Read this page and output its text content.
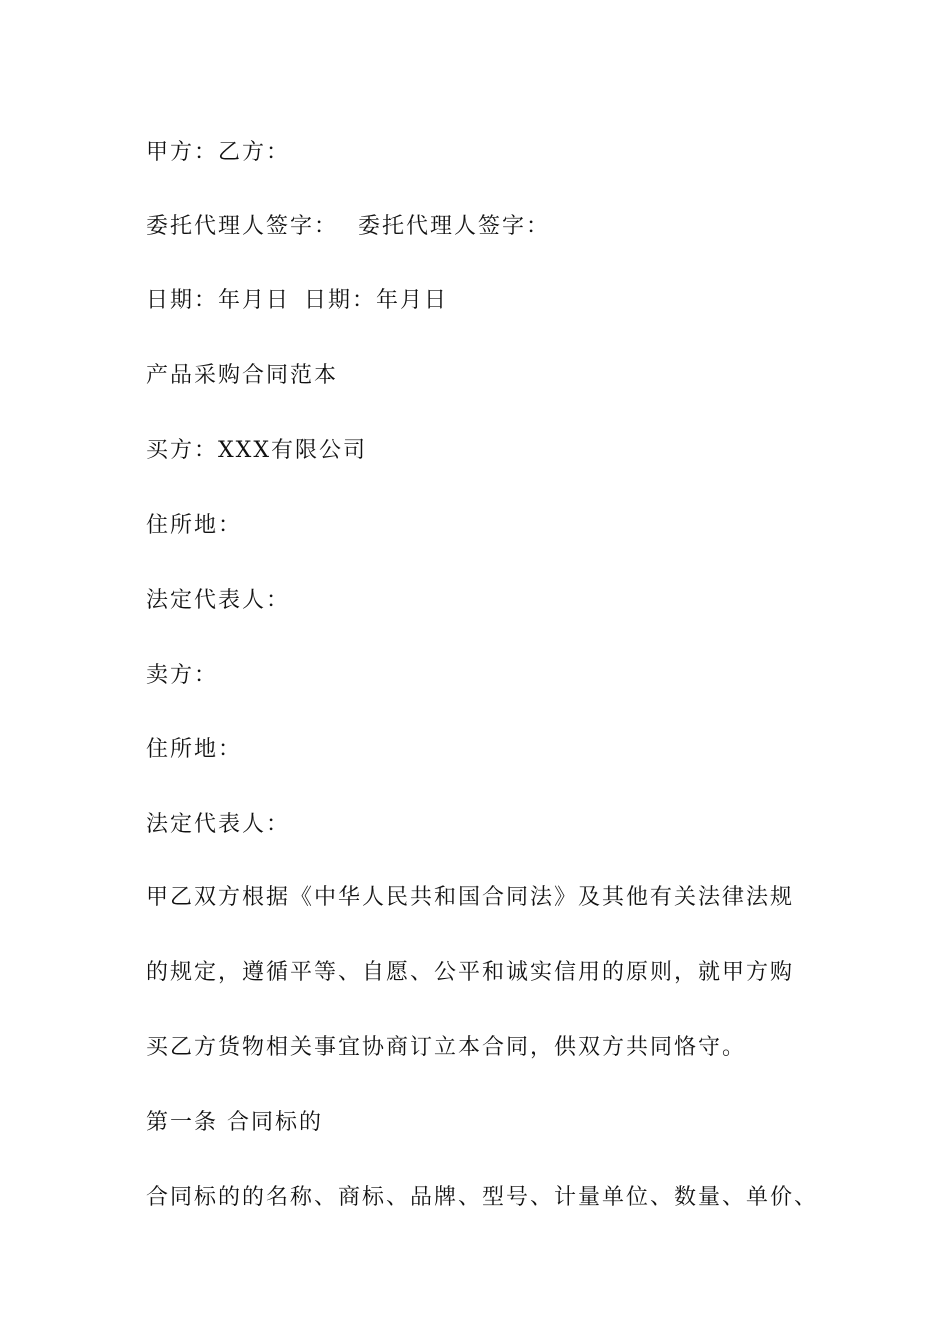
甲方：乙方：
委托代理人签字： 委托代理人签字：
日期：年月日 日期：年月日
产品采购合同范本
买方：XXX有限公司
住所地：
法定代表人：
卖方：
住所地：
法定代表人：
甲乙双方根据《中华人民共和国合同法》及其他有关法律法规
的规定，遵循平等、自愿、公平和诚实信用的原则，就甲方购
买乙方货物相关事宜协商订立本合同，供双方共同恪守。
第一条 合同标的
合同标的的名称、商标、品牌、型号、计量单位、数量、单价、
